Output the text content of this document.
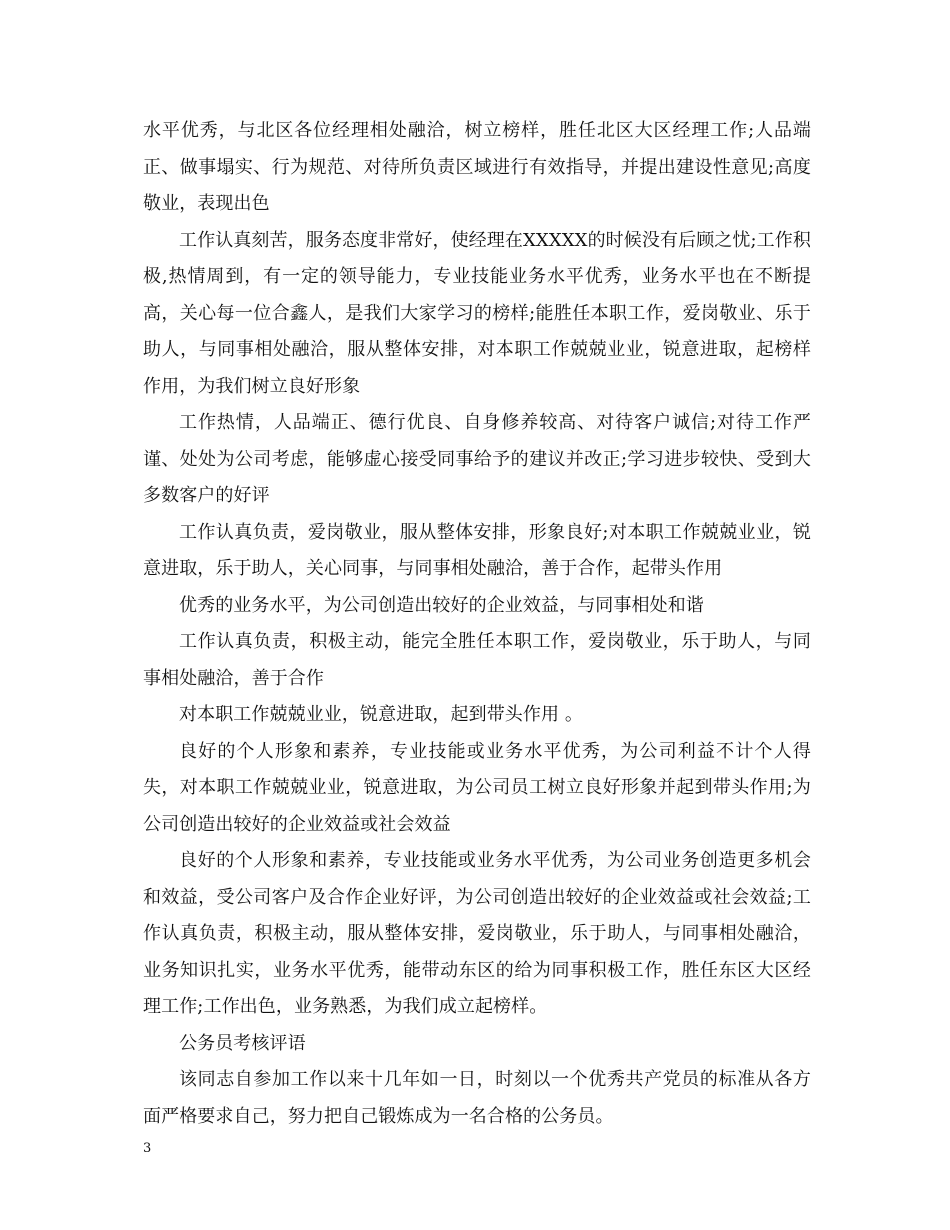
水平优秀，与北区各位经理相处融洽，树立榜样，胜任北区大区经理工作;人品端正、做事塌实、行为规范、对待所负责区域进行有效指导，并提出建设性意见;高度敬业，表现出色

工作认真刻苦，服务态度非常好，使经理在XXXXX的时候没有后顾之忧;工作积极,热情周到，有一定的领导能力，专业技能业务水平优秀，业务水平也在不断提高，关心每一位合鑫人，是我们大家学习的榜样;能胜任本职工作，爱岗敬业、乐于助人，与同事相处融洽，服从整体安排，对本职工作兢兢业业，锐意进取，起榜样作用，为我们树立良好形象

工作热情，人品端正、德行优良、自身修养较高、对待客户诚信;对待工作严谨、处处为公司考虑，能够虚心接受同事给予的建议并改正;学习进步较快、受到大多数客户的好评

工作认真负责，爱岗敬业，服从整体安排，形象良好;对本职工作兢兢业业，锐意进取，乐于助人，关心同事，与同事相处融洽，善于合作，起带头作用

优秀的业务水平，为公司创造出较好的企业效益，与同事相处和谐

工作认真负责，积极主动，能完全胜任本职工作，爱岗敬业，乐于助人，与同事相处融洽，善于合作

对本职工作兢兢业业，锐意进取，起到带头作用 。

良好的个人形象和素养，专业技能或业务水平优秀，为公司利益不计个人得失，对本职工作兢兢业业，锐意进取，为公司员工树立良好形象并起到带头作用;为公司创造出较好的企业效益或社会效益

良好的个人形象和素养，专业技能或业务水平优秀，为公司业务创造更多机会和效益，受公司客户及合作企业好评，为公司创造出较好的企业效益或社会效益;工作认真负责，积极主动，服从整体安排，爱岗敬业，乐于助人，与同事相处融洽，业务知识扎实，业务水平优秀，能带动东区的给为同事积极工作，胜任东区大区经理工作;工作出色，业务熟悉，为我们成立起榜样。

公务员考核评语

该同志自参加工作以来十几年如一日，时刻以一个优秀共产党员的标准从各方面严格要求自己，努力把自己锻炼成为一名合格的公务员。

3
